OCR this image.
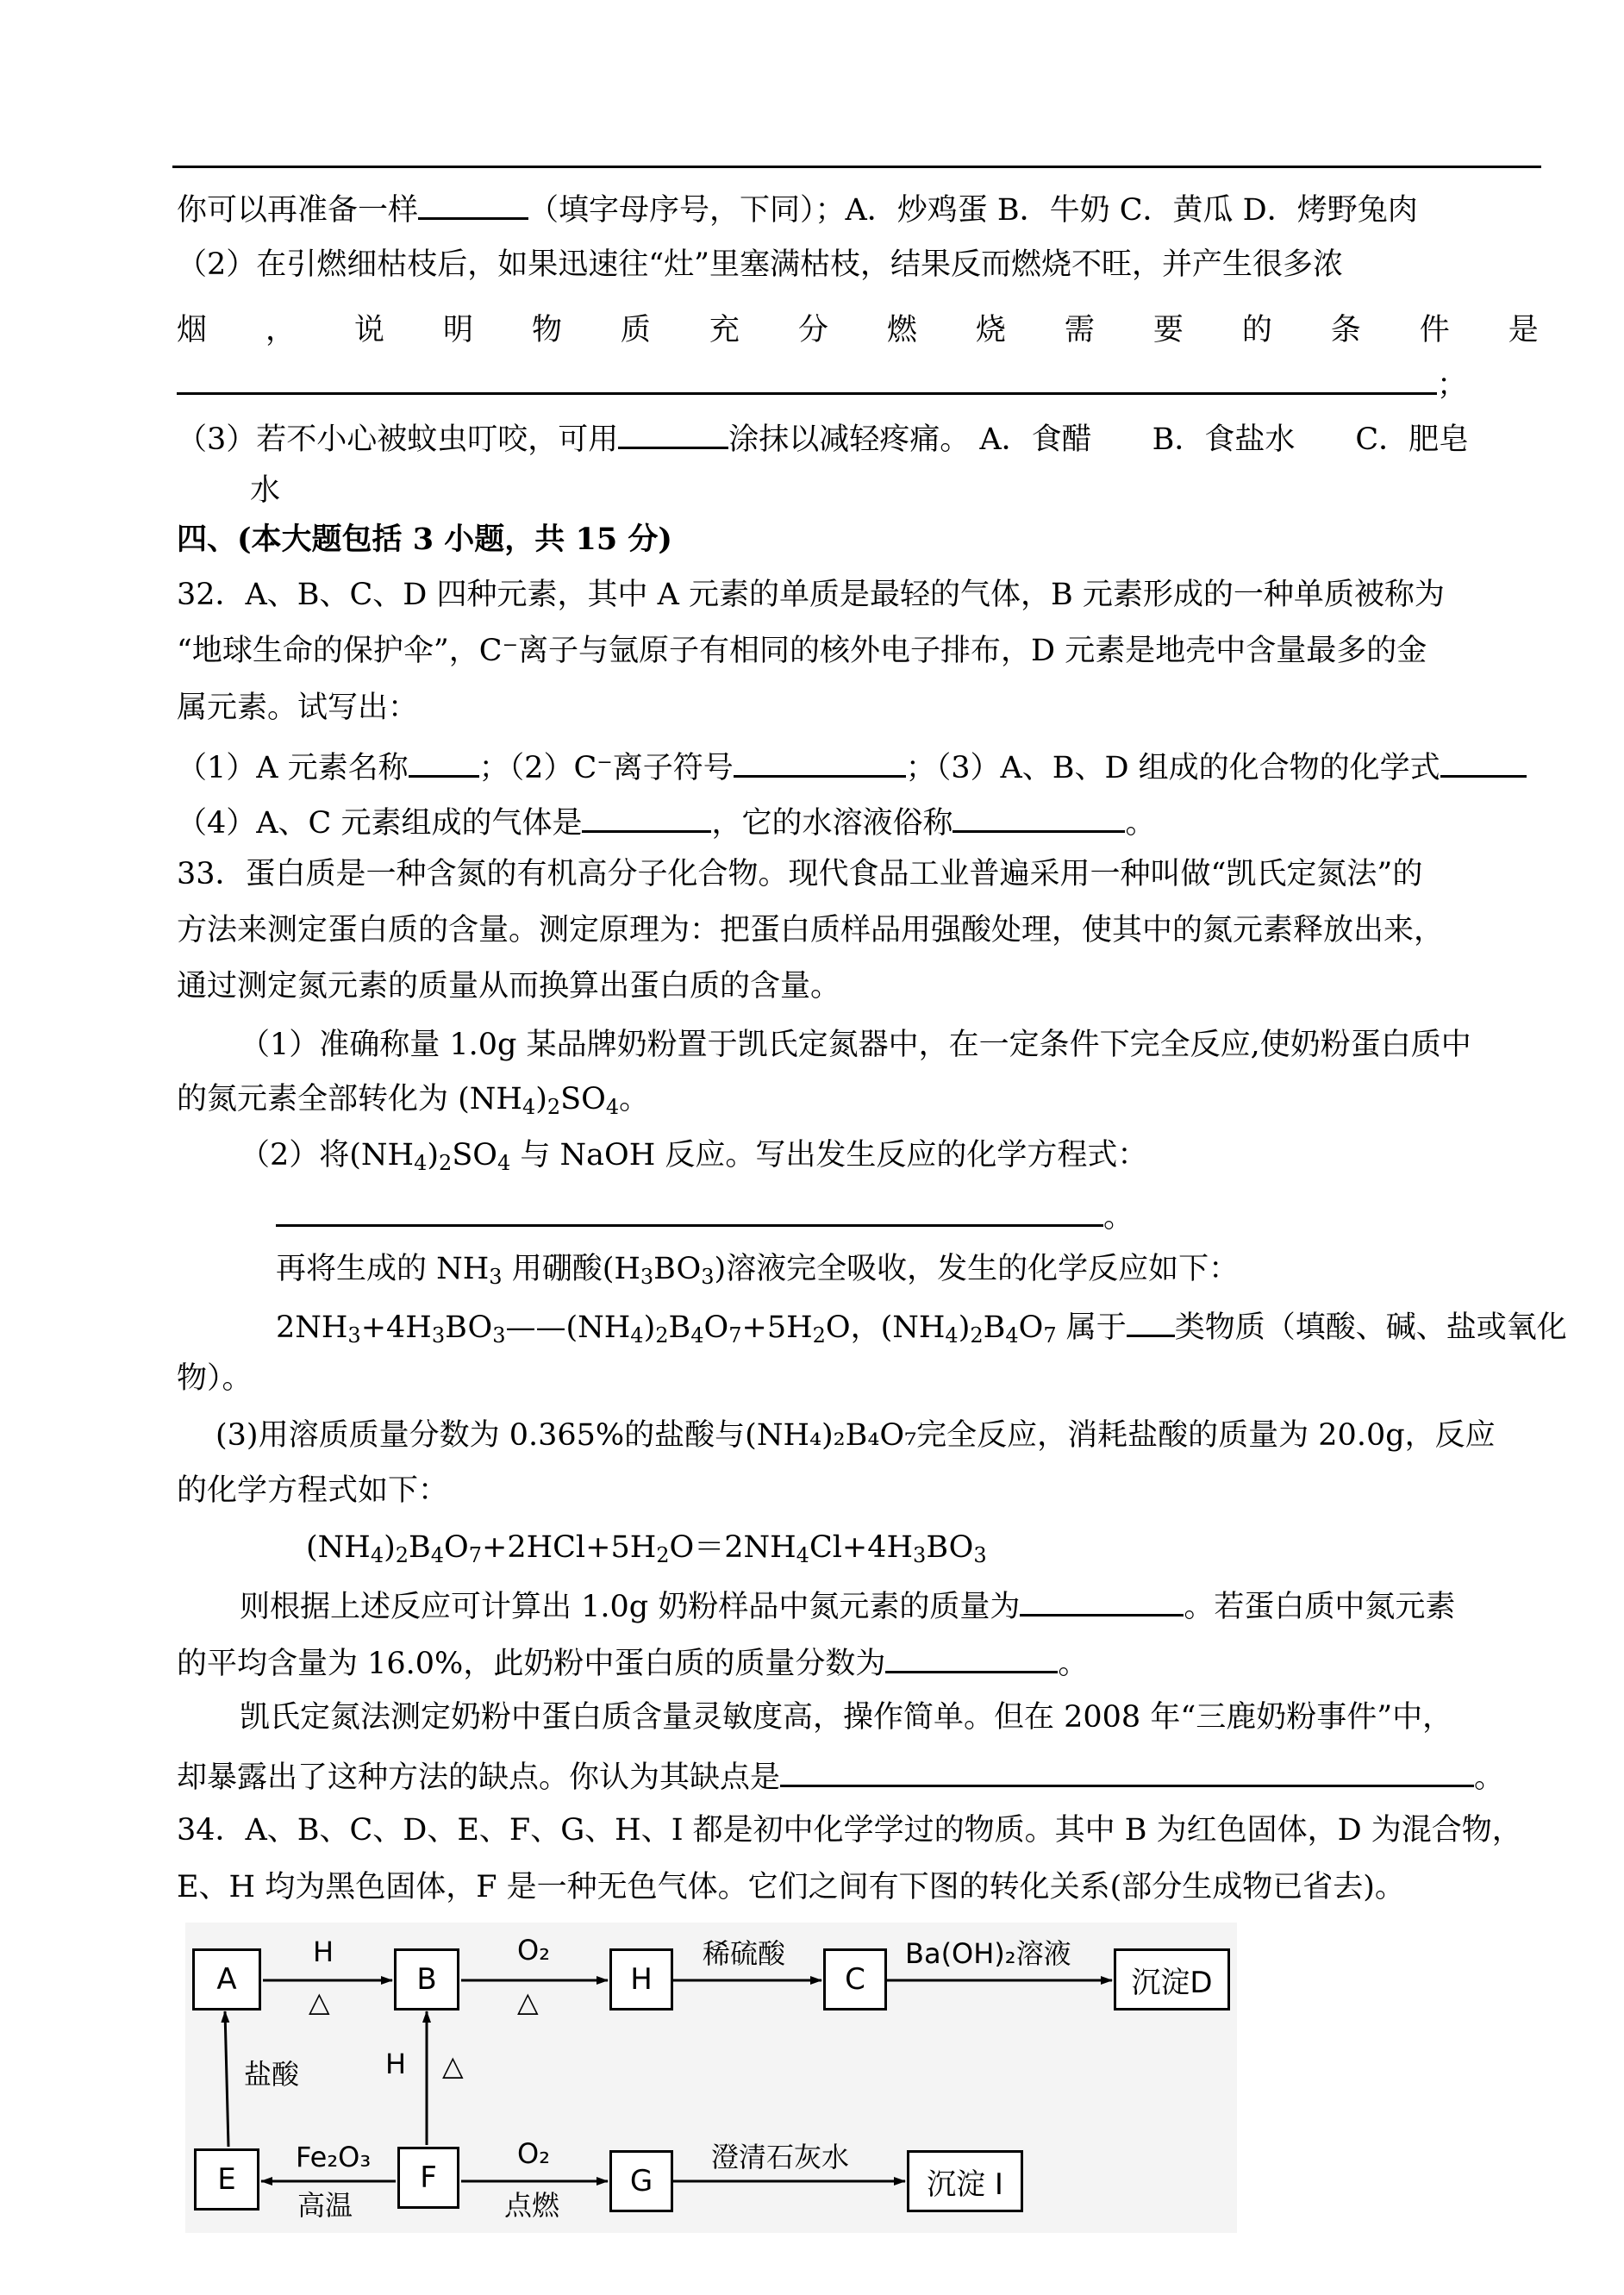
你可以再准备一样	（填字母序号，下同）；A．炒鸡蛋 B．牛奶 C．黄瓜 D．烤野兔肉
（2）在引燃细枯枝后，如果迅速往“灶”里塞满枯枝，结果反而燃烧不旺，并产生很多浓
烟 ， 说 明 物 质 充 分 燃 烧 需 要 的 条 件 是
；
（3）若不小心被蚊虫叮咬，可用	涂抹以减轻疼痛。 A．食醋　　B．食盐水　　C．肥皂
水
四、(本大题包括 3 小题，共 15 分)
32．A、B、C、D 四种元素，其中 A 元素的单质是最轻的气体，B 元素形成的一种单质被称为
“地球生命的保护伞”，C⁻离子与氩原子有相同的核外电子排布，D 元素是地壳中含量最多的金
属元素。试写出：
（1）A 元素名称 ；（2）C⁻离子符号	；（3）A、B、D 组成的化合物的化学式
（4）A、C 元素组成的气体是	，它的水溶液俗称	。
33．蛋白质是一种含氮的有机高分子化合物。现代食品工业普遍采用一种叫做“凯氏定氮法”的
方法来测定蛋白质的含量。测定原理为：把蛋白质样品用强酸处理，使其中的氮元素释放出来，
通过测定氮元素的质量从而换算出蛋白质的含量。
（1）准确称量 1.0g 某品牌奶粉置于凯氏定氮器中，在一定条件下完全反应,使奶粉蛋白质中
的氮元素全部转化为 $(NH_4)_2SO_4$。
（2）将$(NH_4)_2SO_4$ 与 NaOH 反应。写出发生反应的化学方程式：
。
再将生成的 $NH_3$ 用硼酸$(H_3BO_3)$溶液完全吸收，发生的化学反应如下：
$2NH_3+4H_3BO_3——(NH_4)_2B_4O_7+5H_2O$，$(NH_4)_2B_4O_7$ 属于 类物质（填酸、碱、盐或氧化
物）。
(3)用溶质质量分数为 0.365%的盐酸与(NH₄)₂B₄O₇完全反应，消耗盐酸的质量为 20.0g，反应
的化学方程式如下：
$(NH_4)_2B_4O_7+2HCl+5H_2O=2NH_4Cl+4H_3BO_3$
则根据上述反应可计算出 1.0g 奶粉样品中氮元素的质量为	。若蛋白质中氮元素
的平均含量为 16.0%，此奶粉中蛋白质的质量分数为	。
凯氏定氮法测定奶粉中蛋白质含量灵敏度高，操作简单。但在 2008 年“三鹿奶粉事件”中，
却暴露出了这种方法的缺点。你认为其缺点是	。
34．A、B、C、D、E、F、G、H、I 都是初中化学学过的物质。其中 B 为红色固体，D 为混合物，
E、H 均为黑色固体，F 是一种无色气体。它们之间有下图的转化关系(部分生成物已省去)。
A	B	H	C	沉淀D
E	F	G	沉淀 I
H
△
O₂
△
稀硫酸	Ba(OH)₂溶液
盐酸	H △
Fe₂O₃
高温
O₂
点燃
澄清石灰水
